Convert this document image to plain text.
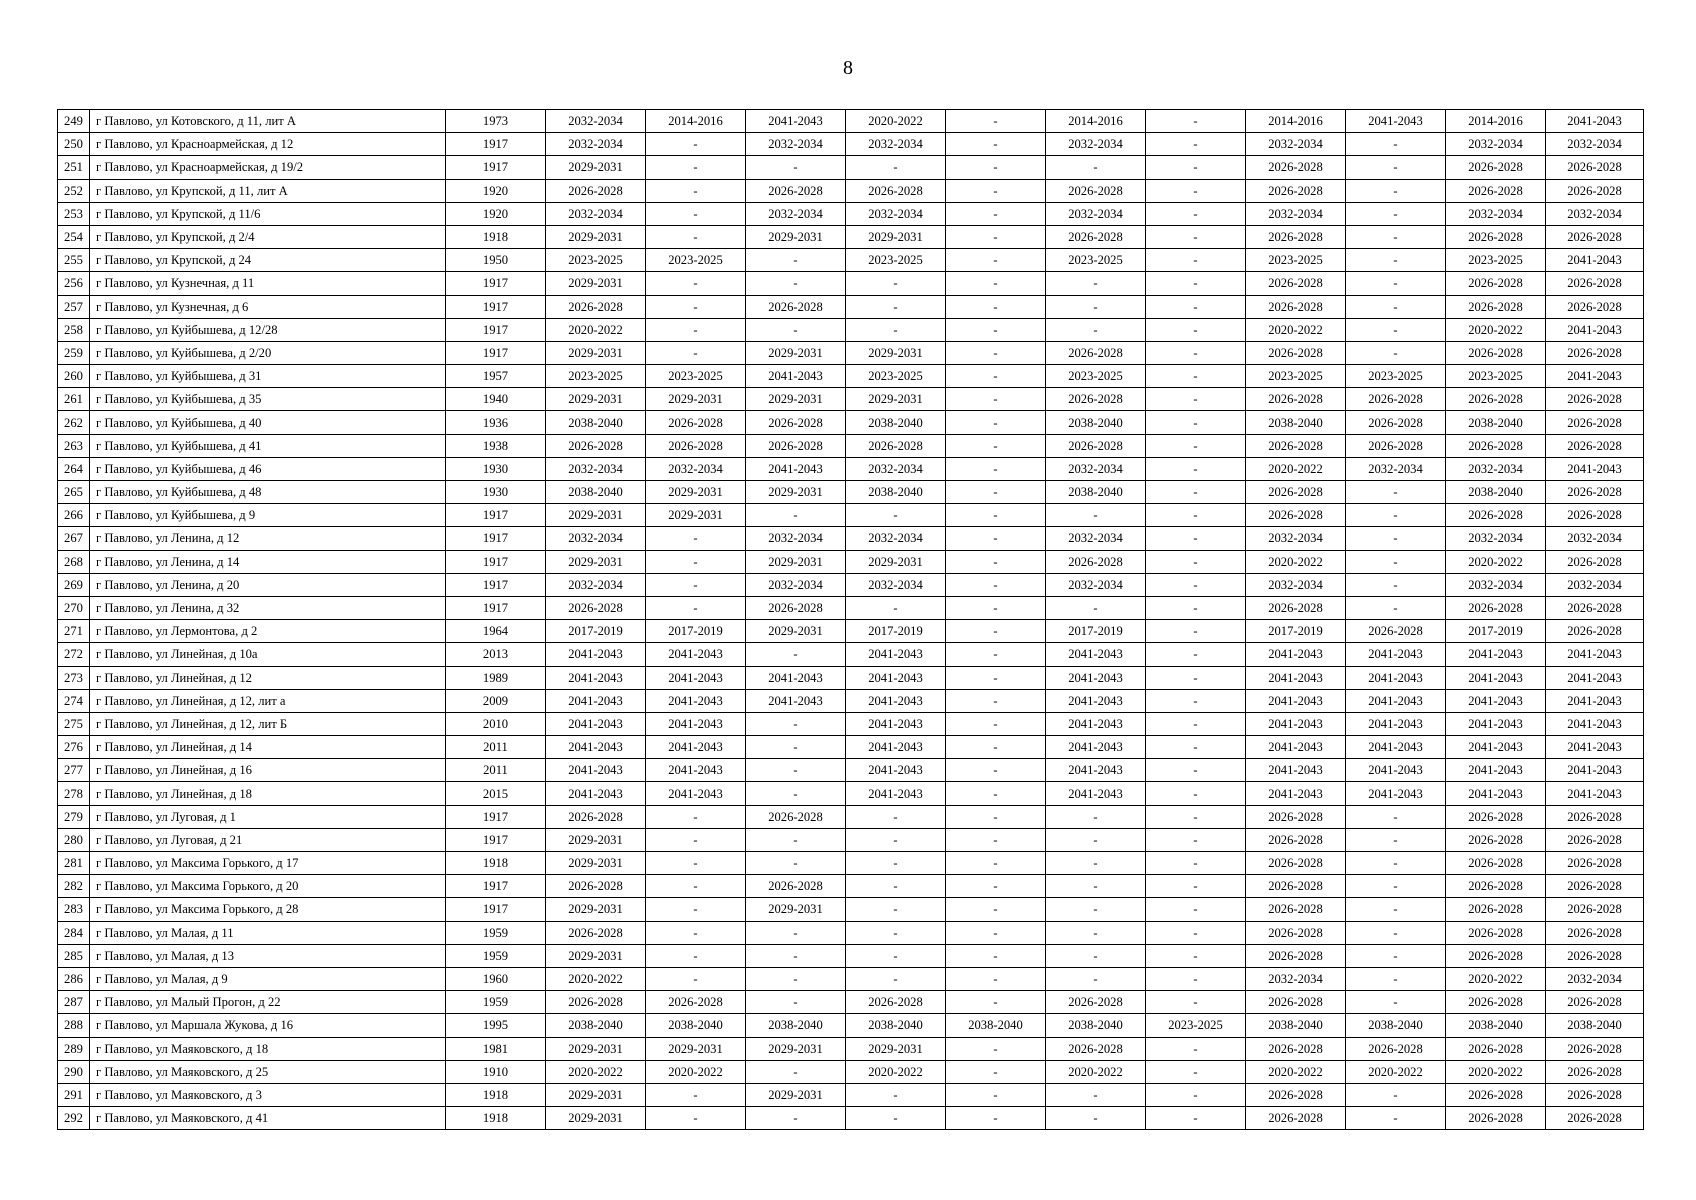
8
249	г Павлово, ул Котовского, д 11, лит А	1973	2032-2034	2014-2016	2041-2043	2020-2022	-	2014-2016	-	2014-2016	2041-2043	2014-2016	2041-2043
250	г Павлово, ул Красноармейская, д 12	1917	2032-2034	-	2032-2034	2032-2034	-	2032-2034	-	2032-2034	-	2032-2034	2032-2034
251	г Павлово, ул Красноармейская, д 19/2	1917	2029-2031	-	-	-	-	-	-	2026-2028	-	2026-2028	2026-2028
252	г Павлово, ул Крупской, д 11, лит А	1920	2026-2028	-	2026-2028	2026-2028	-	2026-2028	-	2026-2028	-	2026-2028	2026-2028
253	г Павлово, ул Крупской, д 11/6	1920	2032-2034	-	2032-2034	2032-2034	-	2032-2034	-	2032-2034	-	2032-2034	2032-2034
254	г Павлово, ул Крупской, д 2/4	1918	2029-2031	-	2029-2031	2029-2031	-	2026-2028	-	2026-2028	-	2026-2028	2026-2028
255	г Павлово, ул Крупской, д 24	1950	2023-2025	2023-2025	-	2023-2025	-	2023-2025	-	2023-2025	-	2023-2025	2041-2043
256	г Павлово, ул Кузнечная, д 11	1917	2029-2031	-	-	-	-	-	-	2026-2028	-	2026-2028	2026-2028
257	г Павлово, ул Кузнечная, д 6	1917	2026-2028	-	2026-2028	-	-	-	-	2026-2028	-	2026-2028	2026-2028
258	г Павлово, ул Куйбышева, д 12/28	1917	2020-2022	-	-	-	-	-	-	2020-2022	-	2020-2022	2041-2043
259	г Павлово, ул Куйбышева, д 2/20	1917	2029-2031	-	2029-2031	2029-2031	-	2026-2028	-	2026-2028	-	2026-2028	2026-2028
260	г Павлово, ул Куйбышева, д 31	1957	2023-2025	2023-2025	2041-2043	2023-2025	-	2023-2025	-	2023-2025	2023-2025	2023-2025	2041-2043
261	г Павлово, ул Куйбышева, д 35	1940	2029-2031	2029-2031	2029-2031	2029-2031	-	2026-2028	-	2026-2028	2026-2028	2026-2028	2026-2028
262	г Павлово, ул Куйбышева, д 40	1936	2038-2040	2026-2028	2026-2028	2038-2040	-	2038-2040	-	2038-2040	2026-2028	2038-2040	2026-2028
263	г Павлово, ул Куйбышева, д 41	1938	2026-2028	2026-2028	2026-2028	2026-2028	-	2026-2028	-	2026-2028	2026-2028	2026-2028	2026-2028
264	г Павлово, ул Куйбышева, д 46	1930	2032-2034	2032-2034	2041-2043	2032-2034	-	2032-2034	-	2020-2022	2032-2034	2032-2034	2041-2043
265	г Павлово, ул Куйбышева, д 48	1930	2038-2040	2029-2031	2029-2031	2038-2040	-	2038-2040	-	2026-2028	-	2038-2040	2026-2028
266	г Павлово, ул Куйбышева, д 9	1917	2029-2031	2029-2031	-	-	-	-	-	2026-2028	-	2026-2028	2026-2028
267	г Павлово, ул Ленина, д 12	1917	2032-2034	-	2032-2034	2032-2034	-	2032-2034	-	2032-2034	-	2032-2034	2032-2034
268	г Павлово, ул Ленина, д 14	1917	2029-2031	-	2029-2031	2029-2031	-	2026-2028	-	2020-2022	-	2020-2022	2026-2028
269	г Павлово, ул Ленина, д 20	1917	2032-2034	-	2032-2034	2032-2034	-	2032-2034	-	2032-2034	-	2032-2034	2032-2034
270	г Павлово, ул Ленина, д 32	1917	2026-2028	-	2026-2028	-	-	-	-	2026-2028	-	2026-2028	2026-2028
271	г Павлово, ул Лермонтова, д 2	1964	2017-2019	2017-2019	2029-2031	2017-2019	-	2017-2019	-	2017-2019	2026-2028	2017-2019	2026-2028
272	г Павлово, ул Линейная, д 10а	2013	2041-2043	2041-2043	-	2041-2043	-	2041-2043	-	2041-2043	2041-2043	2041-2043	2041-2043
273	г Павлово, ул Линейная, д 12	1989	2041-2043	2041-2043	2041-2043	2041-2043	-	2041-2043	-	2041-2043	2041-2043	2041-2043	2041-2043
274	г Павлово, ул Линейная, д 12, лит а	2009	2041-2043	2041-2043	2041-2043	2041-2043	-	2041-2043	-	2041-2043	2041-2043	2041-2043	2041-2043
275	г Павлово, ул Линейная, д 12, лит Б	2010	2041-2043	2041-2043	-	2041-2043	-	2041-2043	-	2041-2043	2041-2043	2041-2043	2041-2043
276	г Павлово, ул Линейная, д 14	2011	2041-2043	2041-2043	-	2041-2043	-	2041-2043	-	2041-2043	2041-2043	2041-2043	2041-2043
277	г Павлово, ул Линейная, д 16	2011	2041-2043	2041-2043	-	2041-2043	-	2041-2043	-	2041-2043	2041-2043	2041-2043	2041-2043
278	г Павлово, ул Линейная, д 18	2015	2041-2043	2041-2043	-	2041-2043	-	2041-2043	-	2041-2043	2041-2043	2041-2043	2041-2043
279	г Павлово, ул Луговая, д 1	1917	2026-2028	-	2026-2028	-	-	-	-	2026-2028	-	2026-2028	2026-2028
280	г Павлово, ул Луговая, д 21	1917	2029-2031	-	-	-	-	-	-	2026-2028	-	2026-2028	2026-2028
281	г Павлово, ул Максима Горького, д 17	1918	2029-2031	-	-	-	-	-	-	2026-2028	-	2026-2028	2026-2028
282	г Павлово, ул Максима Горького, д 20	1917	2026-2028	-	2026-2028	-	-	-	-	2026-2028	-	2026-2028	2026-2028
283	г Павлово, ул Максима Горького, д 28	1917	2029-2031	-	2029-2031	-	-	-	-	2026-2028	-	2026-2028	2026-2028
284	г Павлово, ул Малая, д 11	1959	2026-2028	-	-	-	-	-	-	2026-2028	-	2026-2028	2026-2028
285	г Павлово, ул Малая, д 13	1959	2029-2031	-	-	-	-	-	-	2026-2028	-	2026-2028	2026-2028
286	г Павлово, ул Малая, д 9	1960	2020-2022	-	-	-	-	-	-	2032-2034	-	2020-2022	2032-2034
287	г Павлово, ул Малый Прогон, д 22	1959	2026-2028	2026-2028	-	2026-2028	-	2026-2028	-	2026-2028	-	2026-2028	2026-2028
288	г Павлово, ул Маршала Жукова, д 16	1995	2038-2040	2038-2040	2038-2040	2038-2040	2038-2040	2038-2040	2023-2025	2038-2040	2038-2040	2038-2040	2038-2040
289	г Павлово, ул Маяковского, д 18	1981	2029-2031	2029-2031	2029-2031	2029-2031	-	2026-2028	-	2026-2028	2026-2028	2026-2028	2026-2028
290	г Павлово, ул Маяковского, д 25	1910	2020-2022	2020-2022	-	2020-2022	-	2020-2022	-	2020-2022	2020-2022	2020-2022	2026-2028
291	г Павлово, ул Маяковского, д 3	1918	2029-2031	-	2029-2031	-	-	-	-	2026-2028	-	2026-2028	2026-2028
292	г Павлово, ул Маяковского, д 41	1918	2029-2031	-	-	-	-	-	-	2026-2028	-	2026-2028	2026-2028
